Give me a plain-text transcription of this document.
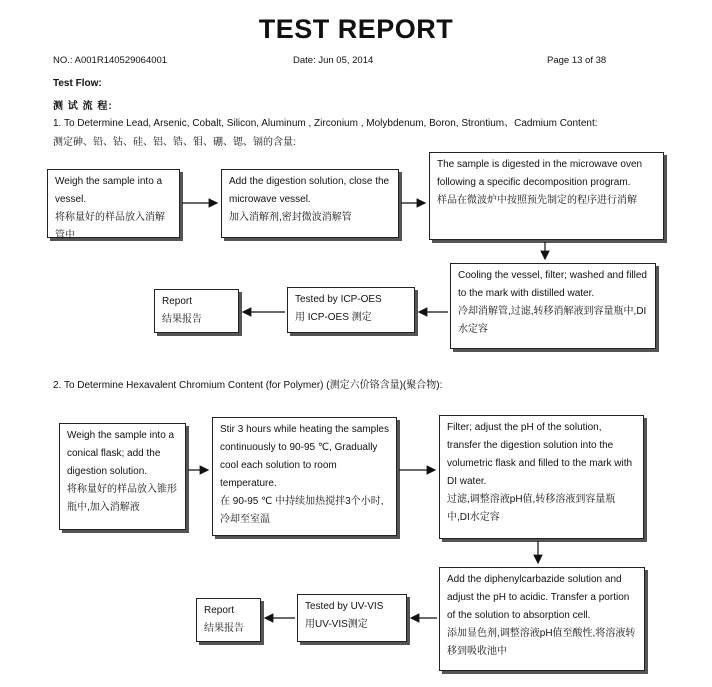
TEST REPORT
NO.: A001R140529064001	Date: Jun 05, 2014	Page 13 of 38
Test Flow:
测 试 流 程:
1. To Determine Lead, Arsenic, Cobalt, Silicon, Aluminum , Zirconium , Molybdenum, Boron, Strontium、Cadmium Content:
测定砷、铅、钴、硅、铝、锆、钼、硼、锶、镉的含量:
Weigh the sample into a vessel.
将称量好的样品放入消解管中
Add the digestion solution, close the microwave vessel.
加入消解剂,密封微波消解管
The sample is digested in the microwave oven following a specific decomposition program.
样品在微波炉中按照预先制定的程序进行消解
Cooling the vessel, filter; washed and filled to the mark with distilled water.
冷却消解管,过滤,转移消解液到容量瓶中,DI水定容
Tested by ICP-OES
用 ICP-OES 测定
Report
结果报告
2. To Determine Hexavalent Chromium Content (for Polymer) (测定六价铬含量)(聚合物):
Weigh the sample into a conical flask; add the digestion solution.
将称量好的样品放入锥形瓶中,加入消解液
Stir 3 hours while heating the samples continuously to 90-95 ℃, Gradually cool each solution to room temperature.
在 90-95 ℃ 中持续加热搅拌3个小时,冷却至室温
Filter; adjust the pH of the solution, transfer the digestion solution into the volumetric flask and filled to the mark with DI water.
过滤,调整溶液pH值,转移溶液到容量瓶中,DI水定容
Add the diphenylcarbazide solution and adjust the pH to acidic. Transfer a portion of the solution to absorption cell.
添加显色剂,调整溶液pH值至酸性,将溶液转移到吸收池中
Tested by UV-VIS
用UV-VIS测定
Report
结果报告
